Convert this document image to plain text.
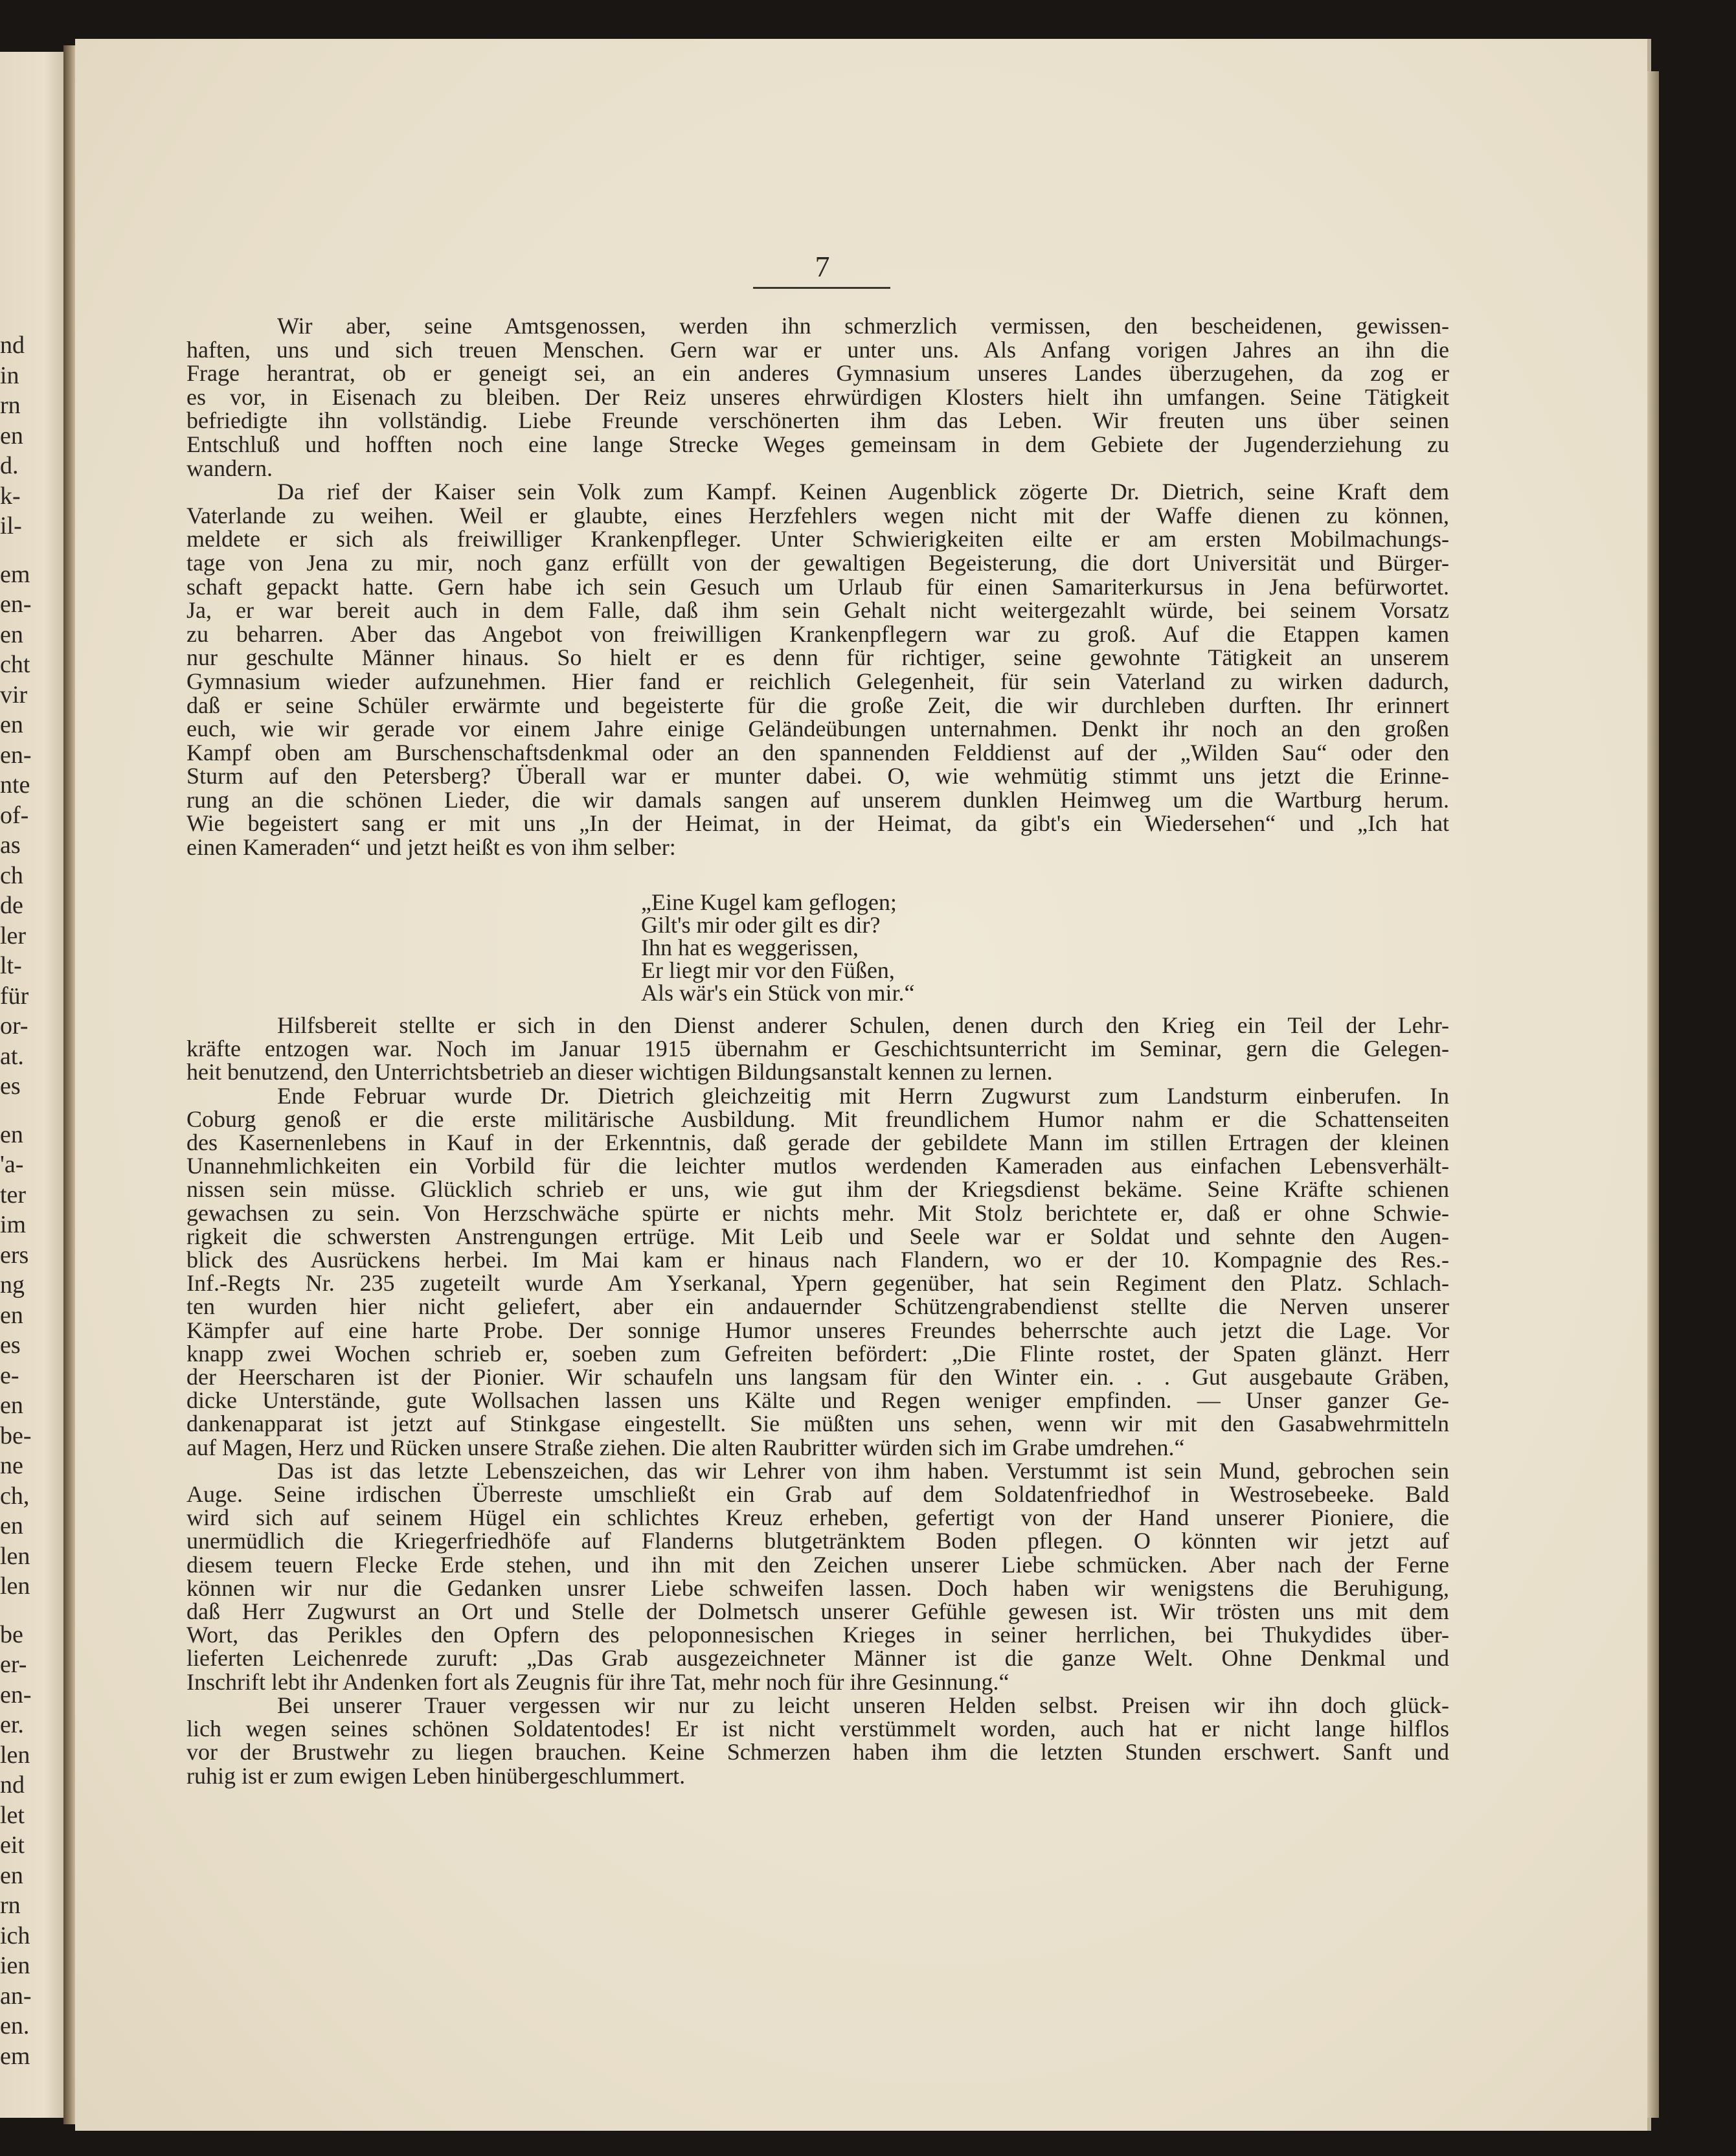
nd
in
rn
en
d.
k-
il-
em
en-
en
cht
vir
en
en-
nte
of-
as
ch
de
ler
lt-
für
or-
at.
es
en
'a-
ter
im
ers
ng
en
es
e-
en
be-
ne
ch,
en
len
len
be
er-
en-
er.
len
nd
let
eit
en
rn
ich
ien
an-
en.
em
7
Wir aber, seine Amtsgenossen, werden ihn schmerzlich vermissen, den bescheidenen, gewissen-
haften, uns und sich treuen Menschen. Gern war er unter uns. Als Anfang vorigen Jahres an ihn die
Frage herantrat, ob er geneigt sei, an ein anderes Gymnasium unseres Landes überzugehen, da zog er
es vor, in Eisenach zu bleiben. Der Reiz unseres ehrwürdigen Klosters hielt ihn umfangen. Seine Tätigkeit
befriedigte ihn vollständig. Liebe Freunde verschönerten ihm das Leben. Wir freuten uns über seinen
Entschluß und hofften noch eine lange Strecke Weges gemeinsam in dem Gebiete der Jugenderziehung zu
wandern.
Da rief der Kaiser sein Volk zum Kampf. Keinen Augenblick zögerte Dr. Dietrich, seine Kraft dem
Vaterlande zu weihen. Weil er glaubte, eines Herzfehlers wegen nicht mit der Waffe dienen zu können,
meldete er sich als freiwilliger Krankenpfleger. Unter Schwierigkeiten eilte er am ersten Mobilmachungs-
tage von Jena zu mir, noch ganz erfüllt von der gewaltigen Begeisterung, die dort Universität und Bürger-
schaft gepackt hatte. Gern habe ich sein Gesuch um Urlaub für einen Samariterkursus in Jena befürwortet.
Ja, er war bereit auch in dem Falle, daß ihm sein Gehalt nicht weitergezahlt würde, bei seinem Vorsatz
zu beharren. Aber das Angebot von freiwilligen Krankenpflegern war zu groß. Auf die Etappen kamen
nur geschulte Männer hinaus. So hielt er es denn für richtiger, seine gewohnte Tätigkeit an unserem
Gymnasium wieder aufzunehmen. Hier fand er reichlich Gelegenheit, für sein Vaterland zu wirken dadurch,
daß er seine Schüler erwärmte und begeisterte für die große Zeit, die wir durchleben durften. Ihr erinnert
euch, wie wir gerade vor einem Jahre einige Geländeübungen unternahmen. Denkt ihr noch an den großen
Kampf oben am Burschenschaftsdenkmal oder an den spannenden Felddienst auf der „Wilden Sau“ oder den
Sturm auf den Petersberg? Überall war er munter dabei. O, wie wehmütig stimmt uns jetzt die Erinne-
rung an die schönen Lieder, die wir damals sangen auf unserem dunklen Heimweg um die Wartburg herum.
Wie begeistert sang er mit uns „In der Heimat, in der Heimat, da gibt's ein Wiedersehen“ und „Ich hat
einen Kameraden“ und jetzt heißt es von ihm selber:
„Eine Kugel kam geflogen;
Gilt's mir oder gilt es dir?
Ihn hat es weggerissen,
Er liegt mir vor den Füßen,
Als wär's ein Stück von mir.“
Hilfsbereit stellte er sich in den Dienst anderer Schulen, denen durch den Krieg ein Teil der Lehr-
kräfte entzogen war. Noch im Januar 1915 übernahm er Geschichtsunterricht im Seminar, gern die Gelegen-
heit benutzend, den Unterrichtsbetrieb an dieser wichtigen Bildungsanstalt kennen zu lernen.
Ende Februar wurde Dr. Dietrich gleichzeitig mit Herrn Zugwurst zum Landsturm einberufen. In
Coburg genoß er die erste militärische Ausbildung. Mit freundlichem Humor nahm er die Schattenseiten
des Kasernenlebens in Kauf in der Erkenntnis, daß gerade der gebildete Mann im stillen Ertragen der kleinen
Unannehmlichkeiten ein Vorbild für die leichter mutlos werdenden Kameraden aus einfachen Lebensverhält-
nissen sein müsse. Glücklich schrieb er uns, wie gut ihm der Kriegsdienst bekäme. Seine Kräfte schienen
gewachsen zu sein. Von Herzschwäche spürte er nichts mehr. Mit Stolz berichtete er, daß er ohne Schwie-
rigkeit die schwersten Anstrengungen ertrüge. Mit Leib und Seele war er Soldat und sehnte den Augen-
blick des Ausrückens herbei. Im Mai kam er hinaus nach Flandern, wo er der 10. Kompagnie des Res.-
Inf.-Regts Nr. 235 zugeteilt wurde Am Yserkanal, Ypern gegenüber, hat sein Regiment den Platz. Schlach-
ten wurden hier nicht geliefert, aber ein andauernder Schützengrabendienst stellte die Nerven unserer
Kämpfer auf eine harte Probe. Der sonnige Humor unseres Freundes beherrschte auch jetzt die Lage. Vor
knapp zwei Wochen schrieb er, soeben zum Gefreiten befördert: „Die Flinte rostet, der Spaten glänzt. Herr
der Heerscharen ist der Pionier. Wir schaufeln uns langsam für den Winter ein. . . Gut ausgebaute Gräben,
dicke Unterstände, gute Wollsachen lassen uns Kälte und Regen weniger empfinden. — Unser ganzer Ge-
dankenapparat ist jetzt auf Stinkgase eingestellt. Sie müßten uns sehen, wenn wir mit den Gasabwehrmitteln
auf Magen, Herz und Rücken unsere Straße ziehen. Die alten Raubritter würden sich im Grabe umdrehen.“
Das ist das letzte Lebenszeichen, das wir Lehrer von ihm haben. Verstummt ist sein Mund, gebrochen sein
Auge. Seine irdischen Überreste umschließt ein Grab auf dem Soldatenfriedhof in Westrosebeeke. Bald
wird sich auf seinem Hügel ein schlichtes Kreuz erheben, gefertigt von der Hand unserer Pioniere, die
unermüdlich die Kriegerfriedhöfe auf Flanderns blutgetränktem Boden pflegen. O könnten wir jetzt auf
diesem teuern Flecke Erde stehen, und ihn mit den Zeichen unserer Liebe schmücken. Aber nach der Ferne
können wir nur die Gedanken unsrer Liebe schweifen lassen. Doch haben wir wenigstens die Beruhigung,
daß Herr Zugwurst an Ort und Stelle der Dolmetsch unserer Gefühle gewesen ist. Wir trösten uns mit dem
Wort, das Perikles den Opfern des peloponnesischen Krieges in seiner herrlichen, bei Thukydides über-
lieferten Leichenrede zuruft: „Das Grab ausgezeichneter Männer ist die ganze Welt. Ohne Denkmal und
Inschrift lebt ihr Andenken fort als Zeugnis für ihre Tat, mehr noch für ihre Gesinnung.“
Bei unserer Trauer vergessen wir nur zu leicht unseren Helden selbst. Preisen wir ihn doch glück-
lich wegen seines schönen Soldatentodes! Er ist nicht verstümmelt worden, auch hat er nicht lange hilflos
vor der Brustwehr zu liegen brauchen. Keine Schmerzen haben ihm die letzten Stunden erschwert. Sanft und
ruhig ist er zum ewigen Leben hinübergeschlummert.
